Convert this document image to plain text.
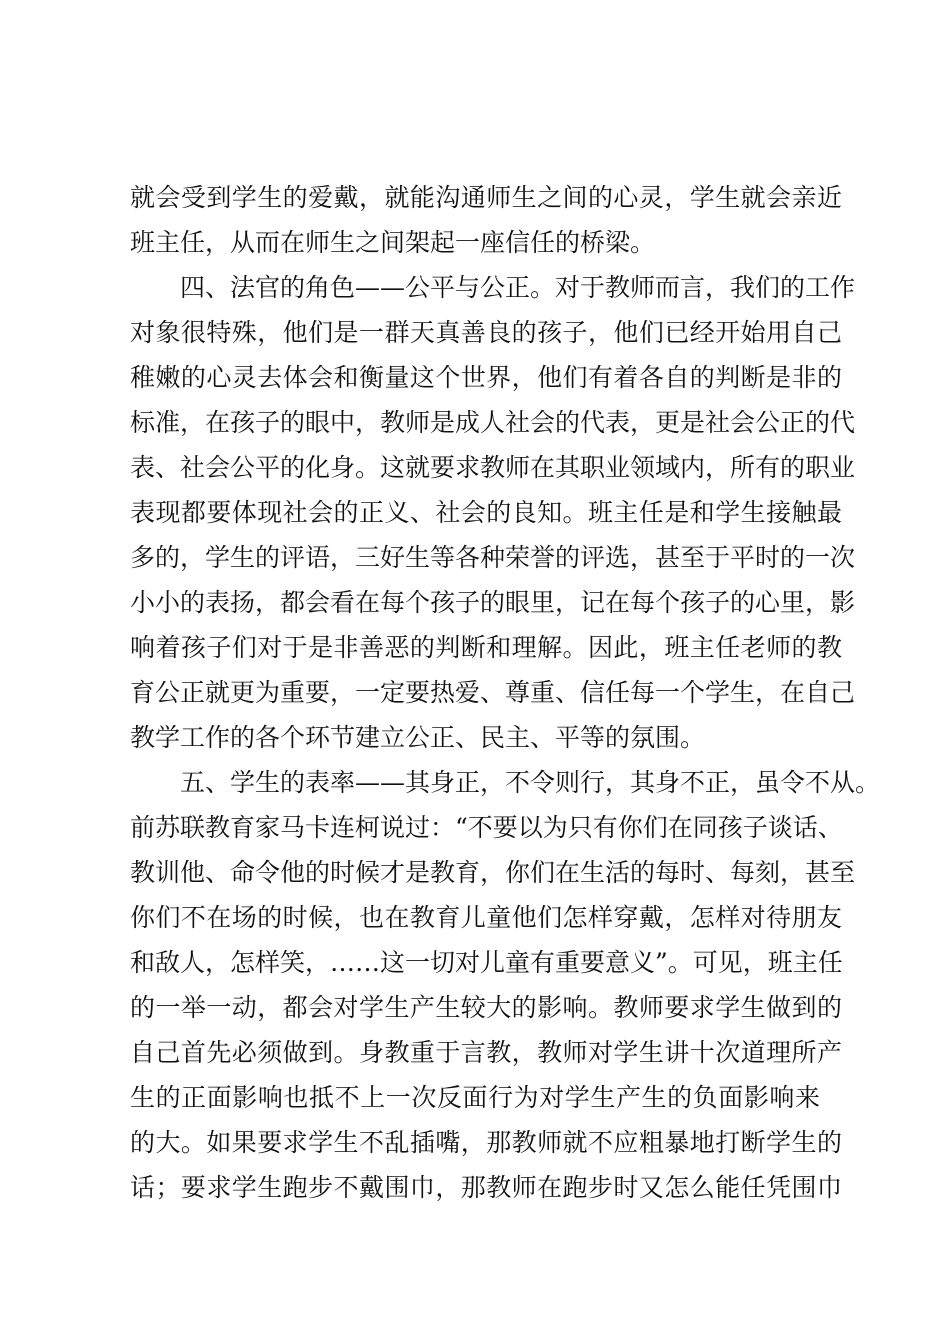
就会受到学生的爱戴，就能沟通师生之间的心灵，学生就会亲近
班主任，从而在师生之间架起一座信任的桥梁。
四、法官的角色——公平与公正。对于教师而言，我们的工作
对象很特殊，他们是一群天真善良的孩子，他们已经开始用自己
稚嫩的心灵去体会和衡量这个世界，他们有着各自的判断是非的
标准，在孩子的眼中，教师是成人社会的代表，更是社会公正的代
表、社会公平的化身。这就要求教师在其职业领域内，所有的职业
表现都要体现社会的正义、社会的良知。班主任是和学生接触最
多的，学生的评语，三好生等各种荣誉的评选，甚至于平时的一次
小小的表扬，都会看在每个孩子的眼里，记在每个孩子的心里，影
响着孩子们对于是非善恶的判断和理解。因此，班主任老师的教
育公正就更为重要，一定要热爱、尊重、信任每一个学生，在自己
教学工作的各个环节建立公正、民主、平等的氛围。
五、学生的表率——其身正，不令则行，其身不正，虽令不从。
前苏联教育家马卡连柯说过：“不要以为只有你们在同孩子谈话、
教训他、命令他的时候才是教育，你们在生活的每时、每刻，甚至
你们不在场的时候，也在教育儿童他们怎样穿戴，怎样对待朋友
和敌人，怎样笑，……这一切对儿童有重要意义”。可见，班主任
的一举一动，都会对学生产生较大的影响。教师要求学生做到的
自己首先必须做到。身教重于言教，教师对学生讲十次道理所产
生的正面影响也抵不上一次反面行为对学生产生的负面影响来
的大。如果要求学生不乱插嘴，那教师就不应粗暴地打断学生的
话；要求学生跑步不戴围巾，那教师在跑步时又怎么能任凭围巾
